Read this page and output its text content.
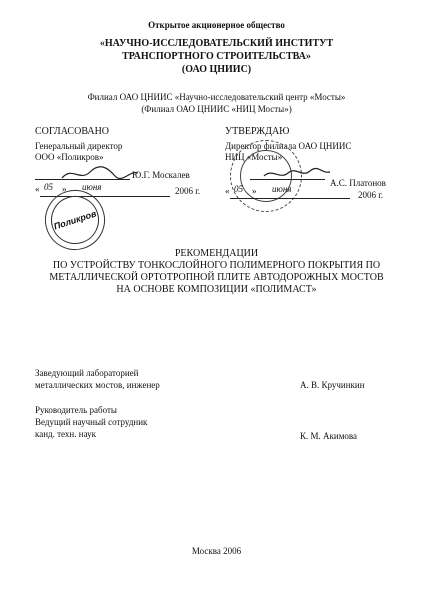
Открытое акционерное общество
«НАУЧНО-ИССЛЕДОВАТЕЛЬСКИЙ ИНСТИТУТ
ТРАНСПОРТНОГО СТРОИТЕЛЬСТВА»
(ОАО ЦНИИС)
Филиал ОАО ЦНИИС «Научно-исследовательский центр «Мосты»
(Филиал ОАО ЦНИИС «НИЦ Мосты»)
СОГЛАСОВАНО
Генеральный директор
ООО «Поликров»
Ю.Г. Москалев
« 05 » июня	2006 г.
Поликров
УТВЕРЖДАЮ
Директор филиала ОАО ЦНИИС
НИЦ «Мосты»
А.С. Платонов
« 05 » июня
2006 г.
РЕКОМЕНДАЦИИ
ПО УСТРОЙСТВУ ТОНКОСЛОЙНОГО ПОЛИМЕРНОГО ПОКРЫТИЯ ПО
МЕТАЛЛИЧЕСКОЙ ОРТОТРОПНОЙ ПЛИТЕ АВТОДОРОЖНЫХ МОСТОВ
НА ОСНОВЕ КОМПОЗИЦИИ «ПОЛИМАСТ»
Заведующий лабораторией
металлических мостов, инженер	А. В. Кручинкин
Руководитель работы
Ведущий научный сотрудник
канд. техн. наук	К. М. Акимова
Москва 2006
